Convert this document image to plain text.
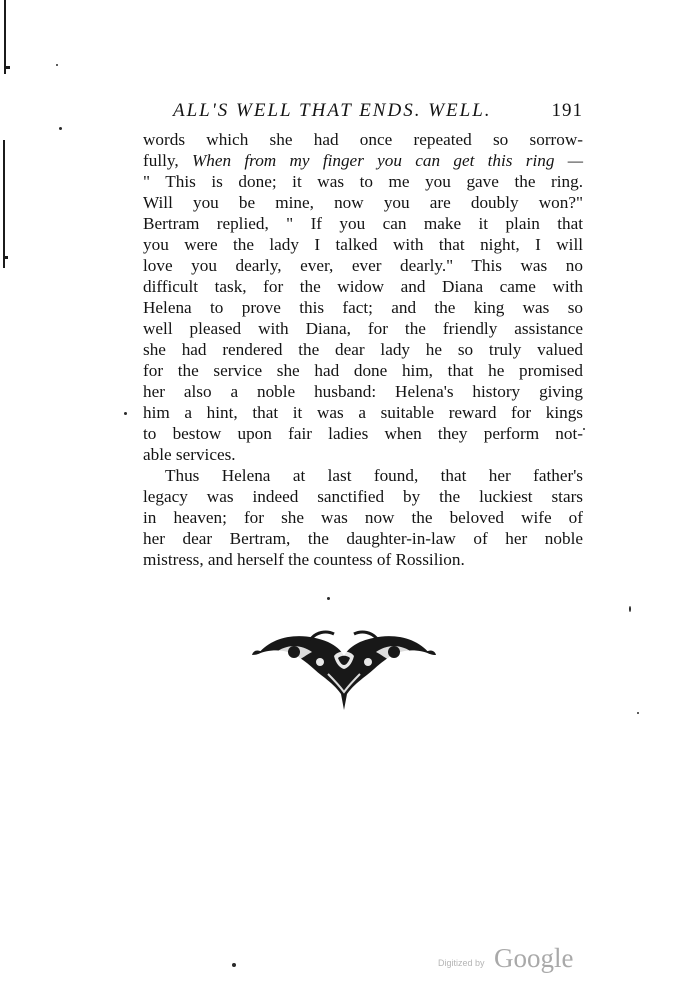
ALL'S WELL THAT ENDS. WELL.	191
words which she had once repeated so sorrow-
fully, When from my finger you can get this ring —
" This is done; it was to me you gave the ring.
Will you be mine, now you are doubly won?"
Bertram replied, " If you can make it plain that
you were the lady I talked with that night, I will
love you dearly, ever, ever dearly." This was no
difficult task, for the widow and Diana came with
Helena to prove this fact; and the king was so
well pleased with Diana, for the friendly assistance
she had rendered the dear lady he so truly valued
for the service she had done him, that he promised
her also a noble husband: Helena's history giving
him a hint, that it was a suitable reward for kings
to bestow upon fair ladies when they perform not-
able services.
Thus Helena at last found, that her father's
legacy was indeed sanctified by the luckiest stars
in heaven; for she was now the beloved wife of
her dear Bertram, the daughter-in-law of her noble
mistress, and herself the countess of Rossilion.
Digitized by Google
